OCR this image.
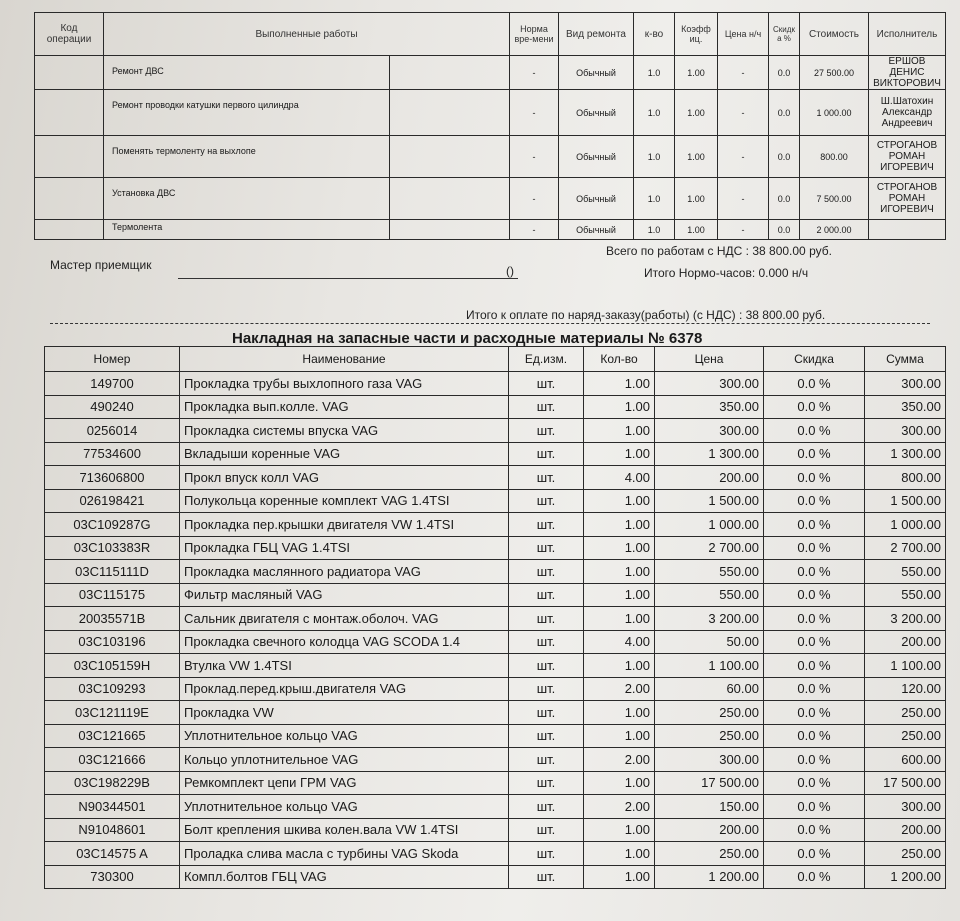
Код операции	Выполненные работы		Норма вре-мени	Вид ремонта	к-во	Коэфф иц.	Цена н/ч	Скидк а %	Стоимость	Исполнитель
	Ремонт ДВС		-	Обычный	1.0	1.00	-	0.0	27 500.00	ЕРШОВ ДЕНИС ВИКТОРОВИЧ
	Ремонт проводки катушки первого цилиндра		-	Обычный	1.0	1.00	-	0.0	1 000.00	Ш.Шатохин Александр Андреевич
	Поменять термоленту на выхлопе		-	Обычный	1.0	1.00	-	0.0	800.00	СТРОГАНОВ РОМАН ИГОРЕВИЧ
	Установка ДВС		-	Обычный	1.0	1.00	-	0.0	7 500.00	СТРОГАНОВ РОМАН ИГОРЕВИЧ
	Термолента		-	Обычный	1.0	1.00	-	0.0	2 000.00	
Всего по работам с НДС : 38 800.00 руб.
Мастер приемщик	()	Итого Нормо-часов: 0.000 н/ч
Итого к оплате по наряд-заказу(работы) (с НДС) : 38 800.00 руб.
Накладная на запасные части и расходные материалы № 6378
Номер	Наименование	Ед.изм.	Кол-во	Цена	Скидка	Сумма
149700	Прокладка трубы выхлопного газа VAG	шт.	1.00	300.00	0.0 %	300.00
490240	Прокладка вып.колле. VAG	шт.	1.00	350.00	0.0 %	350.00
0256014	Прокладка системы впуска VAG	шт.	1.00	300.00	0.0 %	300.00
77534600	Вкладыши коренные VAG	шт.	1.00	1 300.00	0.0 %	1 300.00
713606800	Прокл впуск колл VAG	шт.	4.00	200.00	0.0 %	800.00
026198421	Полукольца коренные комплект VAG 1.4TSI	шт.	1.00	1 500.00	0.0 %	1 500.00
03C109287G	Прокладка пер.крышки двигателя VW 1.4TSI	шт.	1.00	1 000.00	0.0 %	1 000.00
03C103383R	Прокладка ГБЦ VAG 1.4TSI	шт.	1.00	2 700.00	0.0 %	2 700.00
03C115111D	Прокладка маслянного радиатора VAG	шт.	1.00	550.00	0.0 %	550.00
03C115175	Фильтр масляный VAG	шт.	1.00	550.00	0.0 %	550.00
20035571B	Сальник двигателя с монтаж.оболоч. VAG	шт.	1.00	3 200.00	0.0 %	3 200.00
03C103196	Прокладка свечного колодца VAG SCODA 1.4	шт.	4.00	50.00	0.0 %	200.00
03C105159H	Втулка VW 1.4TSI	шт.	1.00	1 100.00	0.0 %	1 100.00
03C109293	Проклад.перед.крыш.двигателя VAG	шт.	2.00	60.00	0.0 %	120.00
03C121119E	Прокладка VW	шт.	1.00	250.00	0.0 %	250.00
03C121665	Уплотнительное кольцо VAG	шт.	1.00	250.00	0.0 %	250.00
03C121666	Кольцо уплотнительное VAG	шт.	2.00	300.00	0.0 %	600.00
03C198229B	Ремкомплект цепи ГРМ VAG	шт.	1.00	17 500.00	0.0 %	17 500.00
N90344501	Уплотнительное кольцо VAG	шт.	2.00	150.00	0.0 %	300.00
N91048601	Болт крепления шкива колен.вала VW 1.4TSI	шт.	1.00	200.00	0.0 %	200.00
03C14575 A	Проладка слива масла с турбины VAG Skoda	шт.	1.00	250.00	0.0 %	250.00
730300	Компл.болтов ГБЦ VAG	шт.	1.00	1 200.00	0.0 %	1 200.00
